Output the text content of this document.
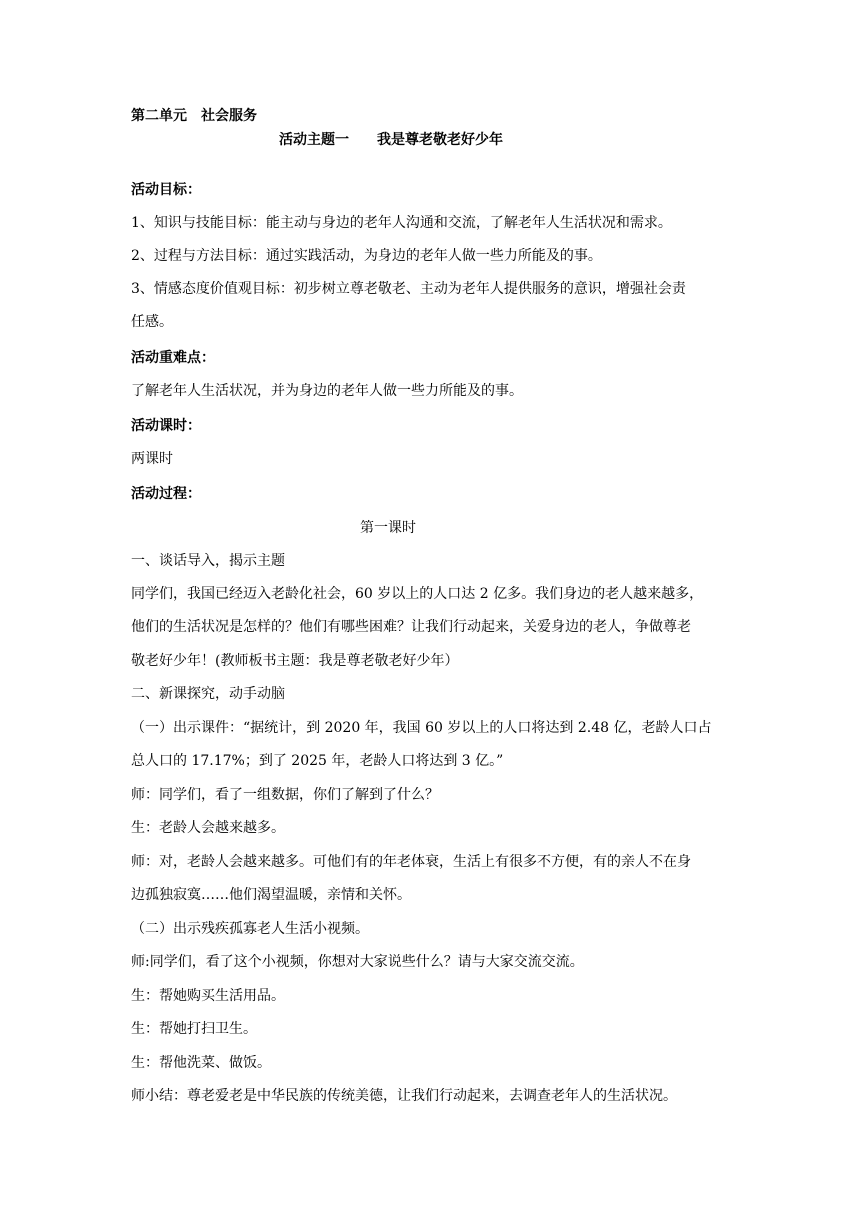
第二单元　社会服务
活动主题一　　我是尊老敬老好少年
活动目标：
1、知识与技能目标：能主动与身边的老年人沟通和交流，了解老年人生活状况和需求。
2、过程与方法目标：通过实践活动，为身边的老年人做一些力所能及的事。
3、情感态度价值观目标：初步树立尊老敬老、主动为老年人提供服务的意识，增强社会责
任感。
活动重难点：
了解老年人生活状况，并为身边的老年人做一些力所能及的事。
活动课时：
两课时
活动过程：
第一课时
一、谈话导入，揭示主题
同学们，我国已经迈入老龄化社会，60 岁以上的人口达 2 亿多。我们身边的老人越来越多，
他们的生活状况是怎样的？他们有哪些困难？让我们行动起来，关爱身边的老人，争做尊老
敬老好少年！(教师板书主题：我是尊老敬老好少年）
二、新课探究，动手动脑
（一）出示课件：“据统计，到 2020 年，我国 60 岁以上的人口将达到 2.48 亿，老龄人口占
总人口的 17.17%；到了 2025 年，老龄人口将达到 3 亿。”
师：同学们，看了一组数据，你们了解到了什么？
生：老龄人会越来越多。
师：对，老龄人会越来越多。可他们有的年老体衰，生活上有很多不方便，有的亲人不在身
边孤独寂寞……他们渴望温暖，亲情和关怀。
（二）出示残疾孤寡老人生活小视频。
师:同学们，看了这个小视频，你想对大家说些什么？请与大家交流交流。
生：帮她购买生活用品。
生：帮她打扫卫生。
生：帮他洗菜、做饭。
师小结：尊老爱老是中华民族的传统美德，让我们行动起来，去调查老年人的生活状况。
